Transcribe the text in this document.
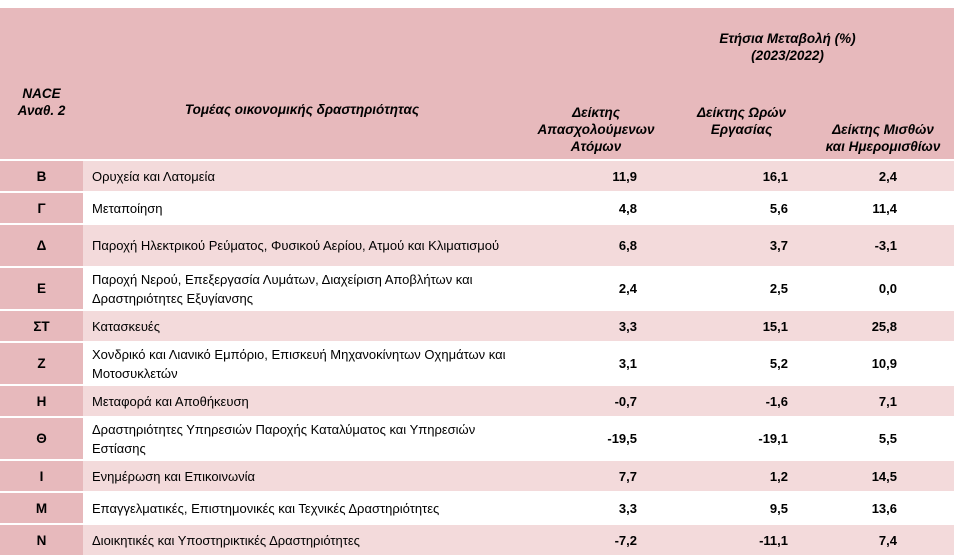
NACE Αναθ. 2	Τομέας οικονομικής δραστηριότητας	Ετήσια Μεταβολή (%) (2023/2022)		
		Δείκτης Απασχολούμενων Ατόμων	Δείκτης Ωρών Εργασίας	Δείκτης Μισθών και Ημερομισθίων
Β	Ορυχεία και Λατομεία	11,9	16,1	2,4
Γ	Μεταποίηση	4,8	5,6	11,4
Δ	Παροχή Ηλεκτρικού Ρεύματος, Φυσικού Αερίου, Ατμού και Κλιματισμού	6,8	3,7	-3,1
Ε	Παροχή Νερού, Επεξεργασία Λυμάτων, Διαχείριση Αποβλήτων και Δραστηριότητες Εξυγίανσης	2,4	2,5	0,0
ΣΤ	Κατασκευές	3,3	15,1	25,8
Ζ	Χονδρικό και Λιανικό Εμπόριο, Επισκευή Μηχανοκίνητων Οχημάτων και Μοτοσυκλετών	3,1	5,2	10,9
Η	Μεταφορά και Αποθήκευση	-0,7	-1,6	7,1
Θ	Δραστηριότητες Υπηρεσιών Παροχής Καταλύματος και Υπηρεσιών Εστίασης	-19,5	-19,1	5,5
Ι	Ενημέρωση και Επικοινωνία	7,7	1,2	14,5
Μ	Επαγγελματικές, Επιστημονικές και Τεχνικές Δραστηριότητες	3,3	9,5	13,6
Ν	Διοικητικές και Υποστηρικτικές Δραστηριότητες	-7,2	-11,1	7,4
